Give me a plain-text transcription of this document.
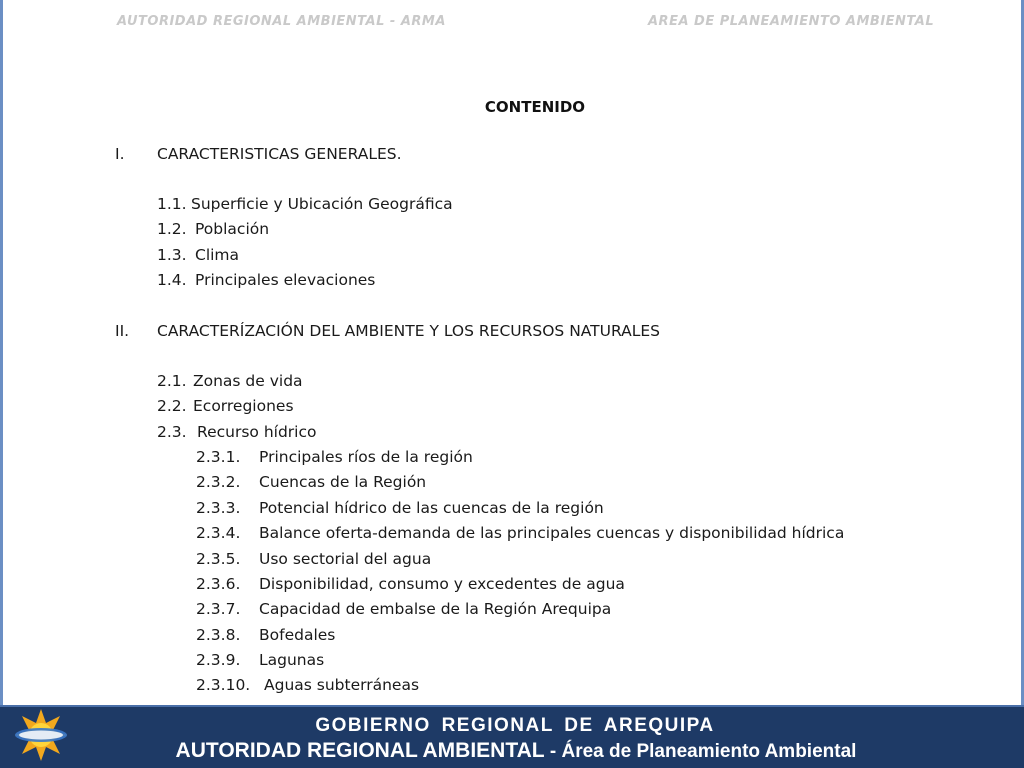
AUTORIDAD REGIONAL AMBIENTAL - ARMA	AREA DE PLANEAMIENTO AMBIENTAL
CONTENIDO
I. CARACTERISTICAS GENERALES.
1.1. Superficie y Ubicación Geográfica
1.2. Población
1.3. Clima
1.4. Principales elevaciones
II. CARACTERÍZACIÓN DEL AMBIENTE Y LOS RECURSOS NATURALES
2.1. Zonas de vida
2.2. Ecorregiones
2.3. Recurso hídrico
2.3.1. Principales ríos de la región
2.3.2. Cuencas de la Región
2.3.3. Potencial hídrico de las cuencas de la región
2.3.4. Balance oferta-demanda de las principales cuencas y disponibilidad hídrica
2.3.5. Uso sectorial del agua
2.3.6. Disponibilidad, consumo y excedentes de agua
2.3.7. Capacidad de embalse de la Región Arequipa
2.3.8. Bofedales
2.3.9. Lagunas
2.3.10. Aguas subterráneas
GOBIERNO REGIONAL DE AREQUIPA
AUTORIDAD REGIONAL AMBIENTAL - Área de Planeamiento Ambiental
